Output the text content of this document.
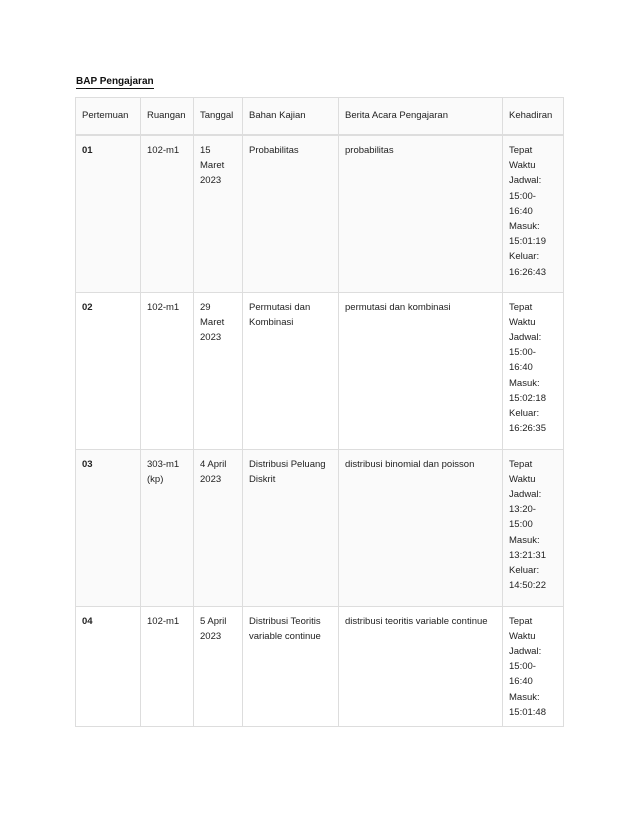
BAP Pengajaran
Pertemuan	Ruangan	Tanggal	Bahan Kajian	Berita Acara Pengajaran	Kehadiran
01	102-m1	15 Maret 2023	Probabilitas	probabilitas	Tepat Waktu
Jadwal: 15:00-16:40
Masuk: 15:01:19
Keluar: 16:26:43

02	102-m1	29 Maret 2023	Permutasi dan Kombinasi	permutasi dan kombinasi	Tepat Waktu
Jadwal: 15:00-16:40
Masuk: 15:02:18
Keluar: 16:26:35

03	303-m1 (kp)	4 April 2023	Distribusi Peluang Diskrit	distribusi binomial dan poisson	Tepat Waktu
Jadwal: 13:20-15:00
Masuk: 13:21:31
Keluar: 14:50:22

04	102-m1	5 April 2023	Distribusi Teoritis variable continue	distribusi teoritis variable continue	Tepat Waktu
Jadwal: 15:00-16:40
Masuk: 15:01:48
